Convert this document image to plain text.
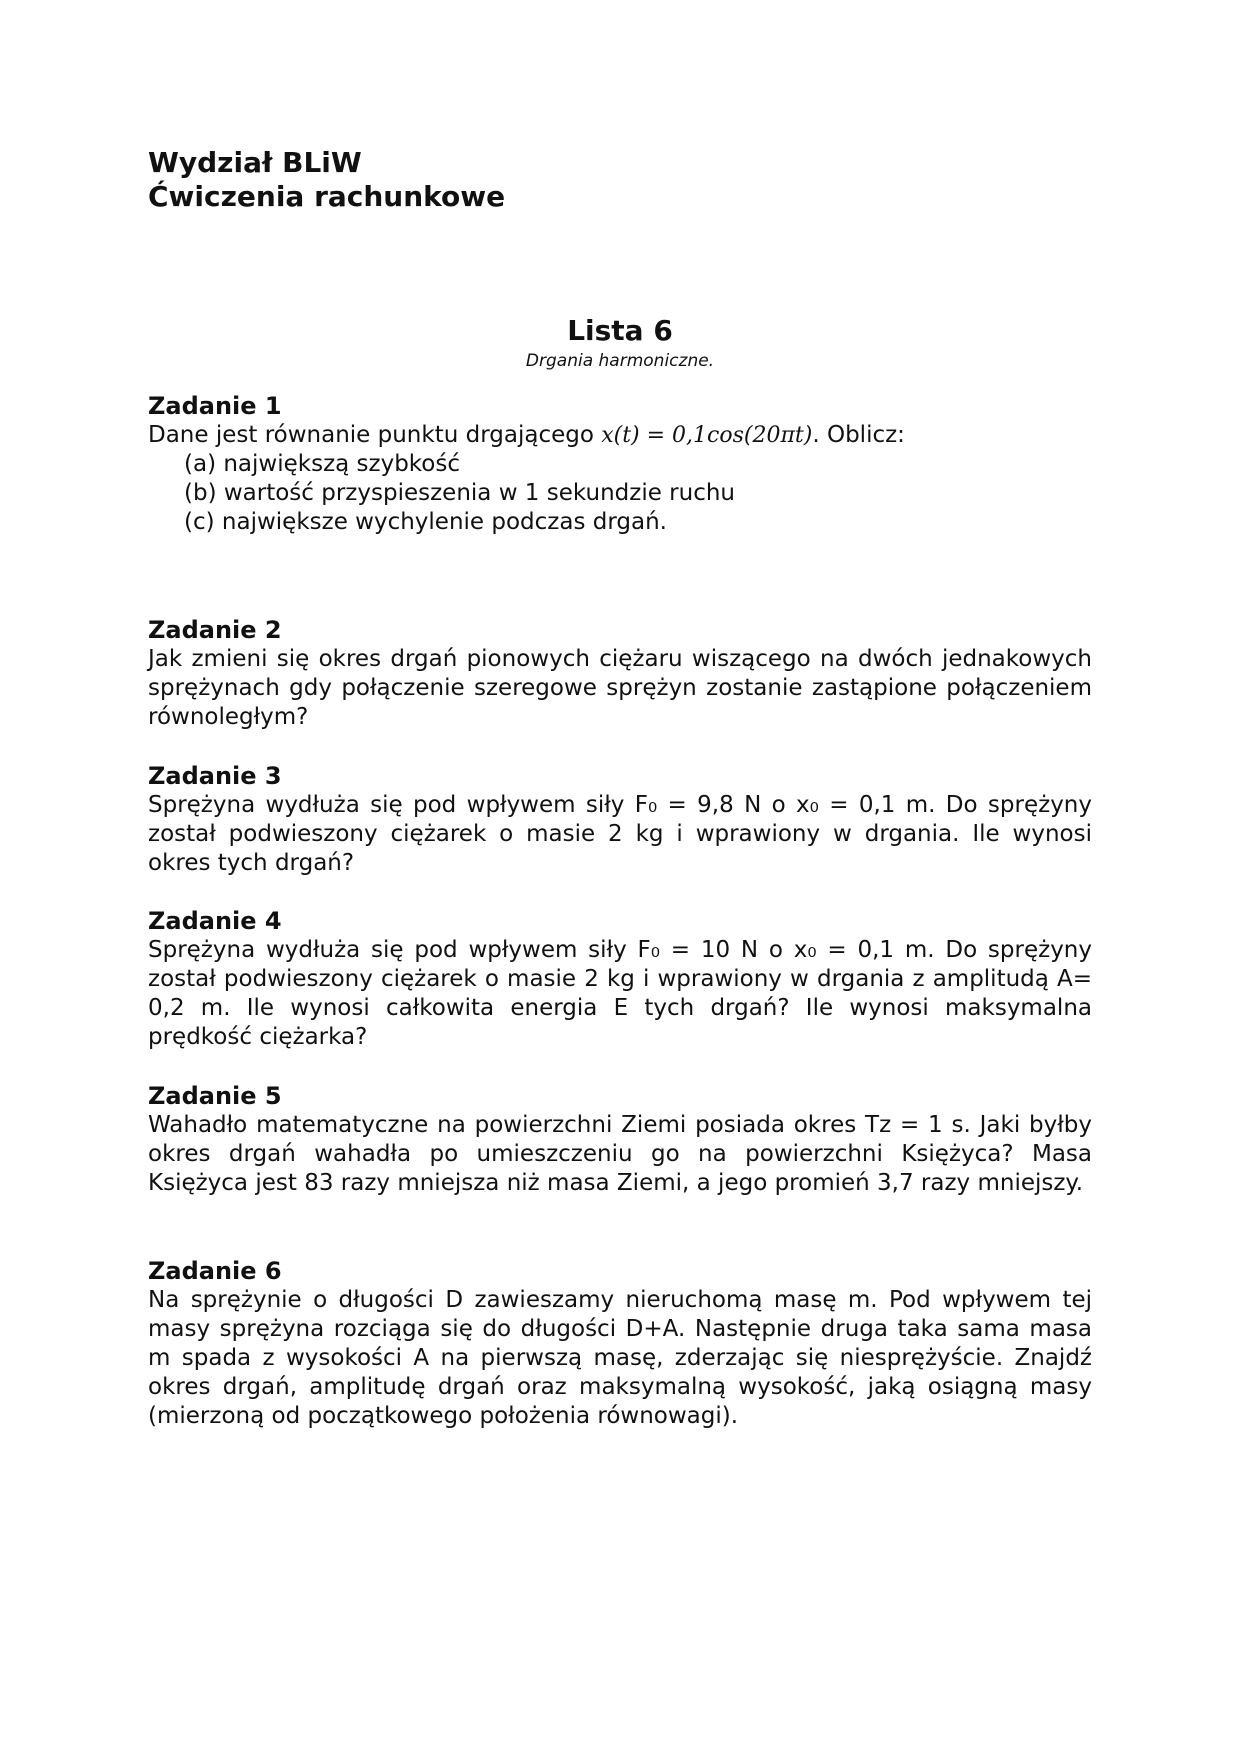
Wydział BLiW
Ćwiczenia rachunkowe
Lista 6
Drgania harmoniczne.
Zadanie 1

Dane jest równanie punktu drgającego x(t) = 0,1cos(20πt). Oblicz:

(a) największą szybkość
(b) wartość przyspieszenia w 1 sekundzie ruchu
(c) największe wychylenie podczas drgań.
Zadanie 2

Jak zmieni się okres drgań pionowych ciężaru wiszącego na dwóch jednakowych sprężynach gdy połączenie szeregowe sprężyn zostanie zastąpione połączeniem równoległym?

Zadanie 3

Sprężyna wydłuża się pod wpływem siły F₀ = 9,8 N o x₀ = 0,1 m. Do sprężyny został podwieszony ciężarek o masie 2 kg i wprawiony w drgania. Ile wynosi okres tych drgań?

Zadanie 4

Sprężyna wydłuża się pod wpływem siły F₀ = 10 N o x₀ = 0,1 m. Do sprężyny został podwieszony ciężarek o masie 2 kg i wprawiony w drgania z amplitudą A= 0,2 m. Ile wynosi całkowita energia E tych drgań? Ile wynosi maksymalna prędkość ciężarka?

Zadanie 5

Wahadło matematyczne na powierzchni Ziemi posiada okres Tz = 1 s. Jaki byłby okres drgań wahadła po umieszczeniu go na powierzchni Księżyca? Masa Księżyca jest 83 razy mniejsza niż masa Ziemi, a jego promień 3,7 razy mniejszy.

Zadanie 6

Na sprężynie o długości D zawieszamy nieruchomą masę m. Pod wpływem tej masy sprężyna rozciąga się do długości D+A. Następnie druga taka sama masa m spada z wysokości A na pierwszą masę, zderzając się niesprężyście. Znajdź okres drgań, amplitudę drgań oraz maksymalną wysokość, jaką osiągną masy (mierzoną od początkowego położenia równowagi).
